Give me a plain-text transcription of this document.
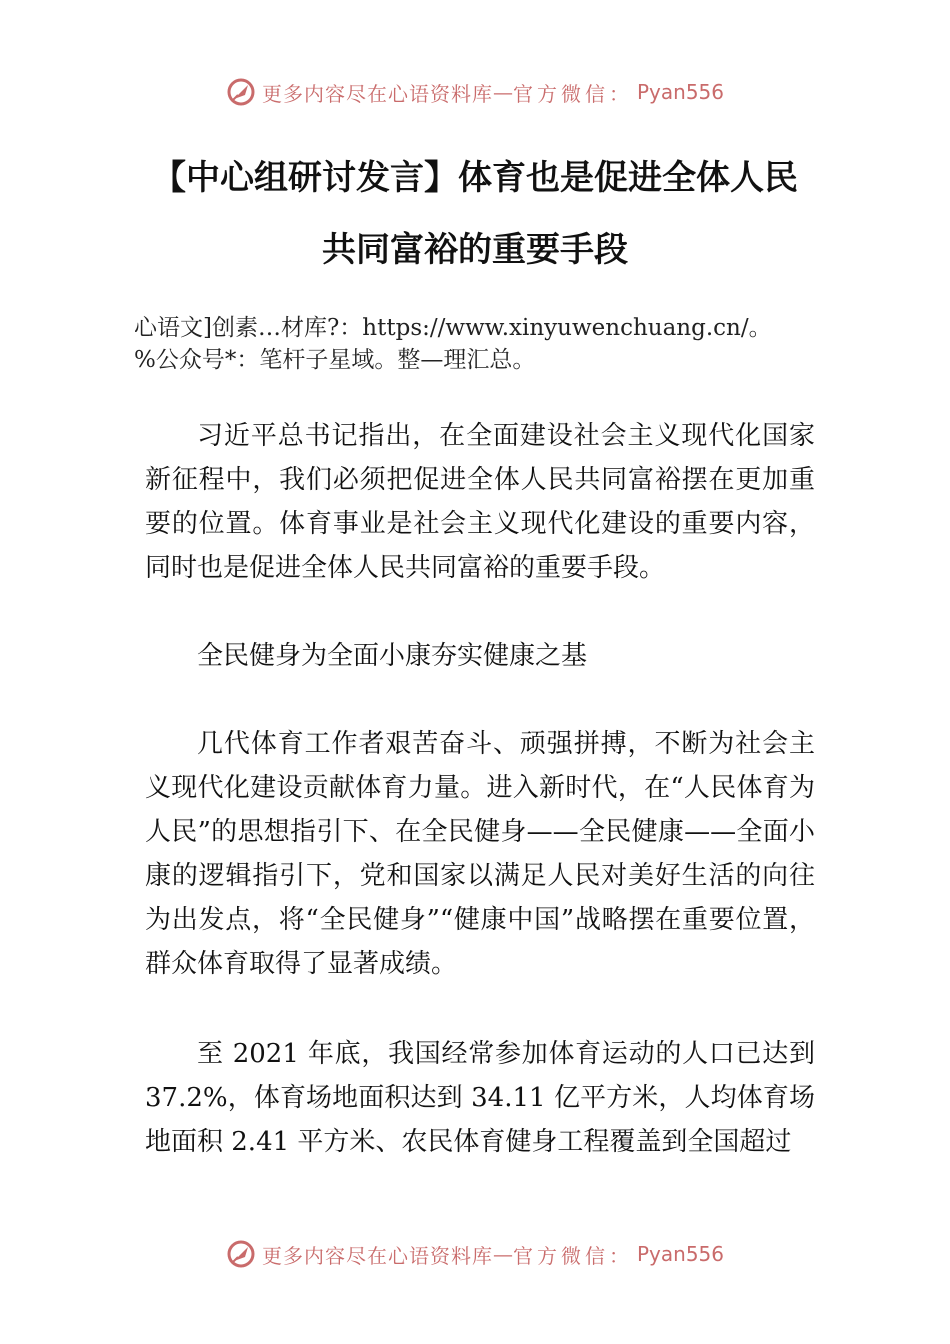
更多内容尽在心语资料库 — 官方微信： Pyan556
【中心组研讨发言】体育也是促进全体人民
共同富裕的重要手段
心语文]创素…材库?：https://www.xinyuwenchuang.cn/。
%公众号*：笔杆子星域。整—理汇总。

习近平总书记指出，在全面建设社会主义现代化国家新征程中，我们必须把促进全体人民共同富裕摆在更加重要的位置。体育事业是社会主义现代化建设的重要内容，同时也是促进全体人民共同富裕的重要手段。

全民健身为全面小康夯实健康之基

几代体育工作者艰苦奋斗、顽强拼搏，不断为社会主义现代化建设贡献体育力量。进入新时代，在“人民体育为人民”的思想指引下、在全民健身——全民健康——全面小康的逻辑指引下，党和国家以满足人民对美好生活的向往为出发点，将“全民健身”“健康中国”战略摆在重要位置，群众体育取得了显著成绩。

至 2021 年底，我国经常参加体育运动的人口已达到 37.2%，体育场地面积达到 34.11 亿平方米，人均体育场地面积 2.41 平方米、农民体育健身工程覆盖到全国超过

更多内容尽在心语资料库 — 官方微信： Pyan556
